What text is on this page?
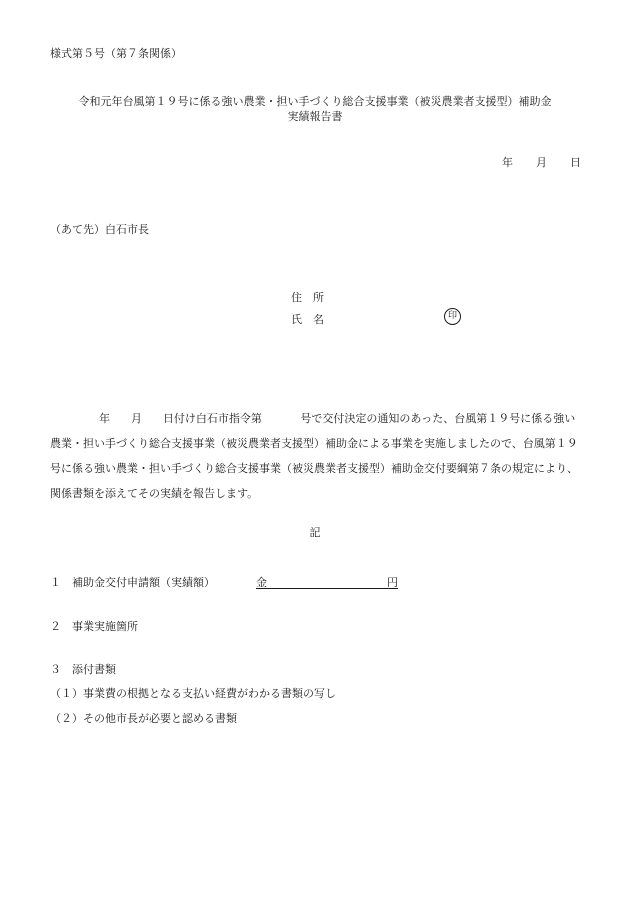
様式第５号（第７条関係）
令和元年台風第１９号に係る強い農業・担い手づくり総合支援事業（被災農業者支援型）補助金
実績報告書
年 月 日
（あて先）白石市長
住　所
氏　名	印
年 月 日付け白石市指令第	号で交付決定の通知のあった、台風第１９号に係る強い農業・担い手づくり総合支援事業（被災農業者支援型）補助金による事業を実施しましたので、台風第１９号に係る強い農業・担い手づくり総合支援事業（被災農業者支援型）補助金交付要綱第７条の規定により、関係書類を添えてその実績を報告します。
記
１　補助金交付申請額（実績額）	金	円
２　事業実施箇所
３　添付書類
（１）事業費の根拠となる支払い経費がわかる書類の写し
（２）その他市長が必要と認める書類
